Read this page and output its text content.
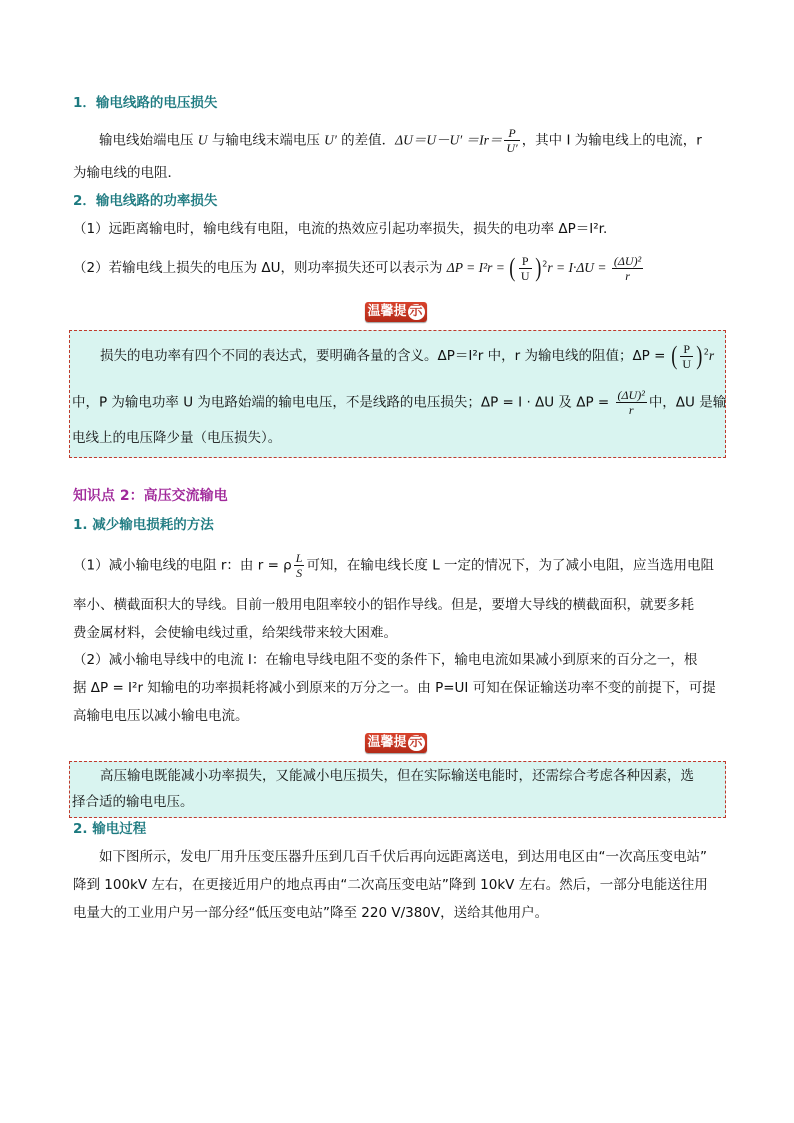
1．输电线路的电压损失
输电线始端电压 U 与输电线末端电压 U′ 的差值．$\Delta U=U-U' =Ir= \frac{P}{U'}$ ，其中 I 为输电线上的电流，r
为输电线的电阻．
2．输电线路的功率损失
（1）远距离输电时，输电线有电阻，电流的热效应引起功率损失，损失的电功率 ΔP＝I²r.
（2）若输电线上损失的电压为 ΔU，则功率损失还可以表示为 ΔP = I²r = ( $\frac{P}{U} )^2r = I\cdot\Delta U = \frac{\text{(ΔU)²}}{r}$
温馨提 示
损失的电功率有四个不同的表达式，要明确各量的含义。ΔP＝I²r 中，r 为输电线的阻值；ΔP = ( $\frac{P}{U} )^2r$
中，P 为输电功率 U 为电路始端的输电电压，不是线路的电压损失；ΔP = I · ΔU 及 $\Delta P = \frac{\text{(ΔU)²}}{r}$ 中，ΔU 是输
电线上的电压降少量（电压损失）。
知识点 2：高压交流输电
1. 减少输电损耗的方法
（1）减小输电线的电阻 r：由 r = ρ $\frac{L}{S}$ 可知，在输电线长度 L 一定的情况下，为了减小电阻，应当选用电阻
率小、横截面积大的导线。目前一般用电阻率较小的铝作导线。但是，要增大导线的横截面积，就要多耗
费金属材料，会使输电线过重，给架线带来较大困难。
（2）减小输电导线中的电流 I：在输电导线电阻不变的条件下，输电电流如果减小到原来的百分之一，根
据 ΔP = I²r 知输电的功率损耗将减小到原来的万分之一。由 P=UI 可知在保证输送功率不变的前提下，可提
高输电电压以减小输电电流。
温馨提 示
高压输电既能减小功率损失，又能减小电压损失，但在实际输送电能时，还需综合考虑各种因素，选
择合适的输电电压。
2. 输电过程
如下图所示，发电厂用升压变压器升压到几百千伏后再向远距离送电，到达用电区由“一次高压变电站”
降到 100kV 左右，在更接近用户的地点再由“二次高压变电站”降到 10kV 左右。然后，一部分电能送往用
电量大的工业用户另一部分经“低压变电站”降至 220 V/380V，送给其他用户。
